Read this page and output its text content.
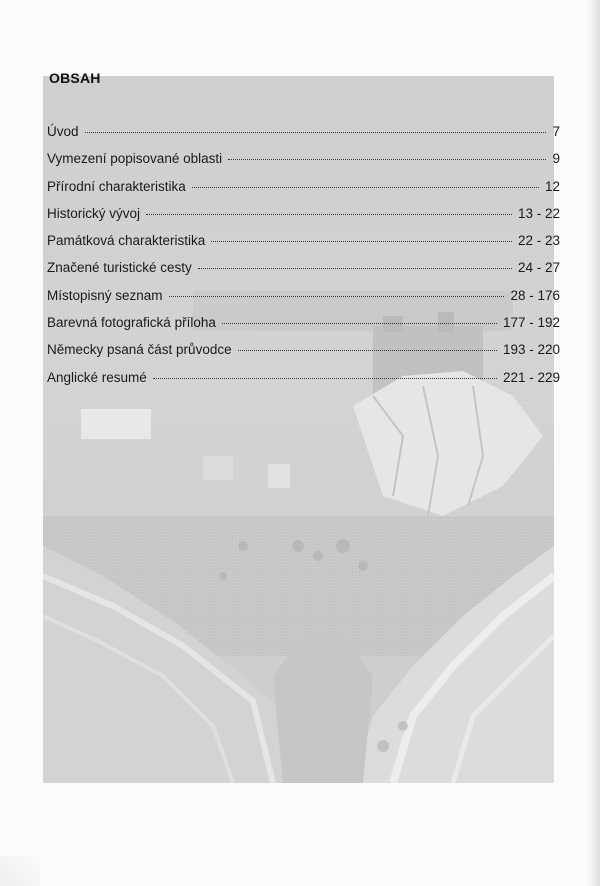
OBSAH
Úvod	7
Vymezení popisované oblasti	9
Přírodní charakteristika	12
Historický vývoj	13 - 22
Památková charakteristika	22 - 23
Značené turistické cesty	24 - 27
Místopisný seznam	28 - 176
Barevná fotografická příloha	177 - 192
Německy psaná část průvodce	193 - 220
Anglické resumé	221 - 229
